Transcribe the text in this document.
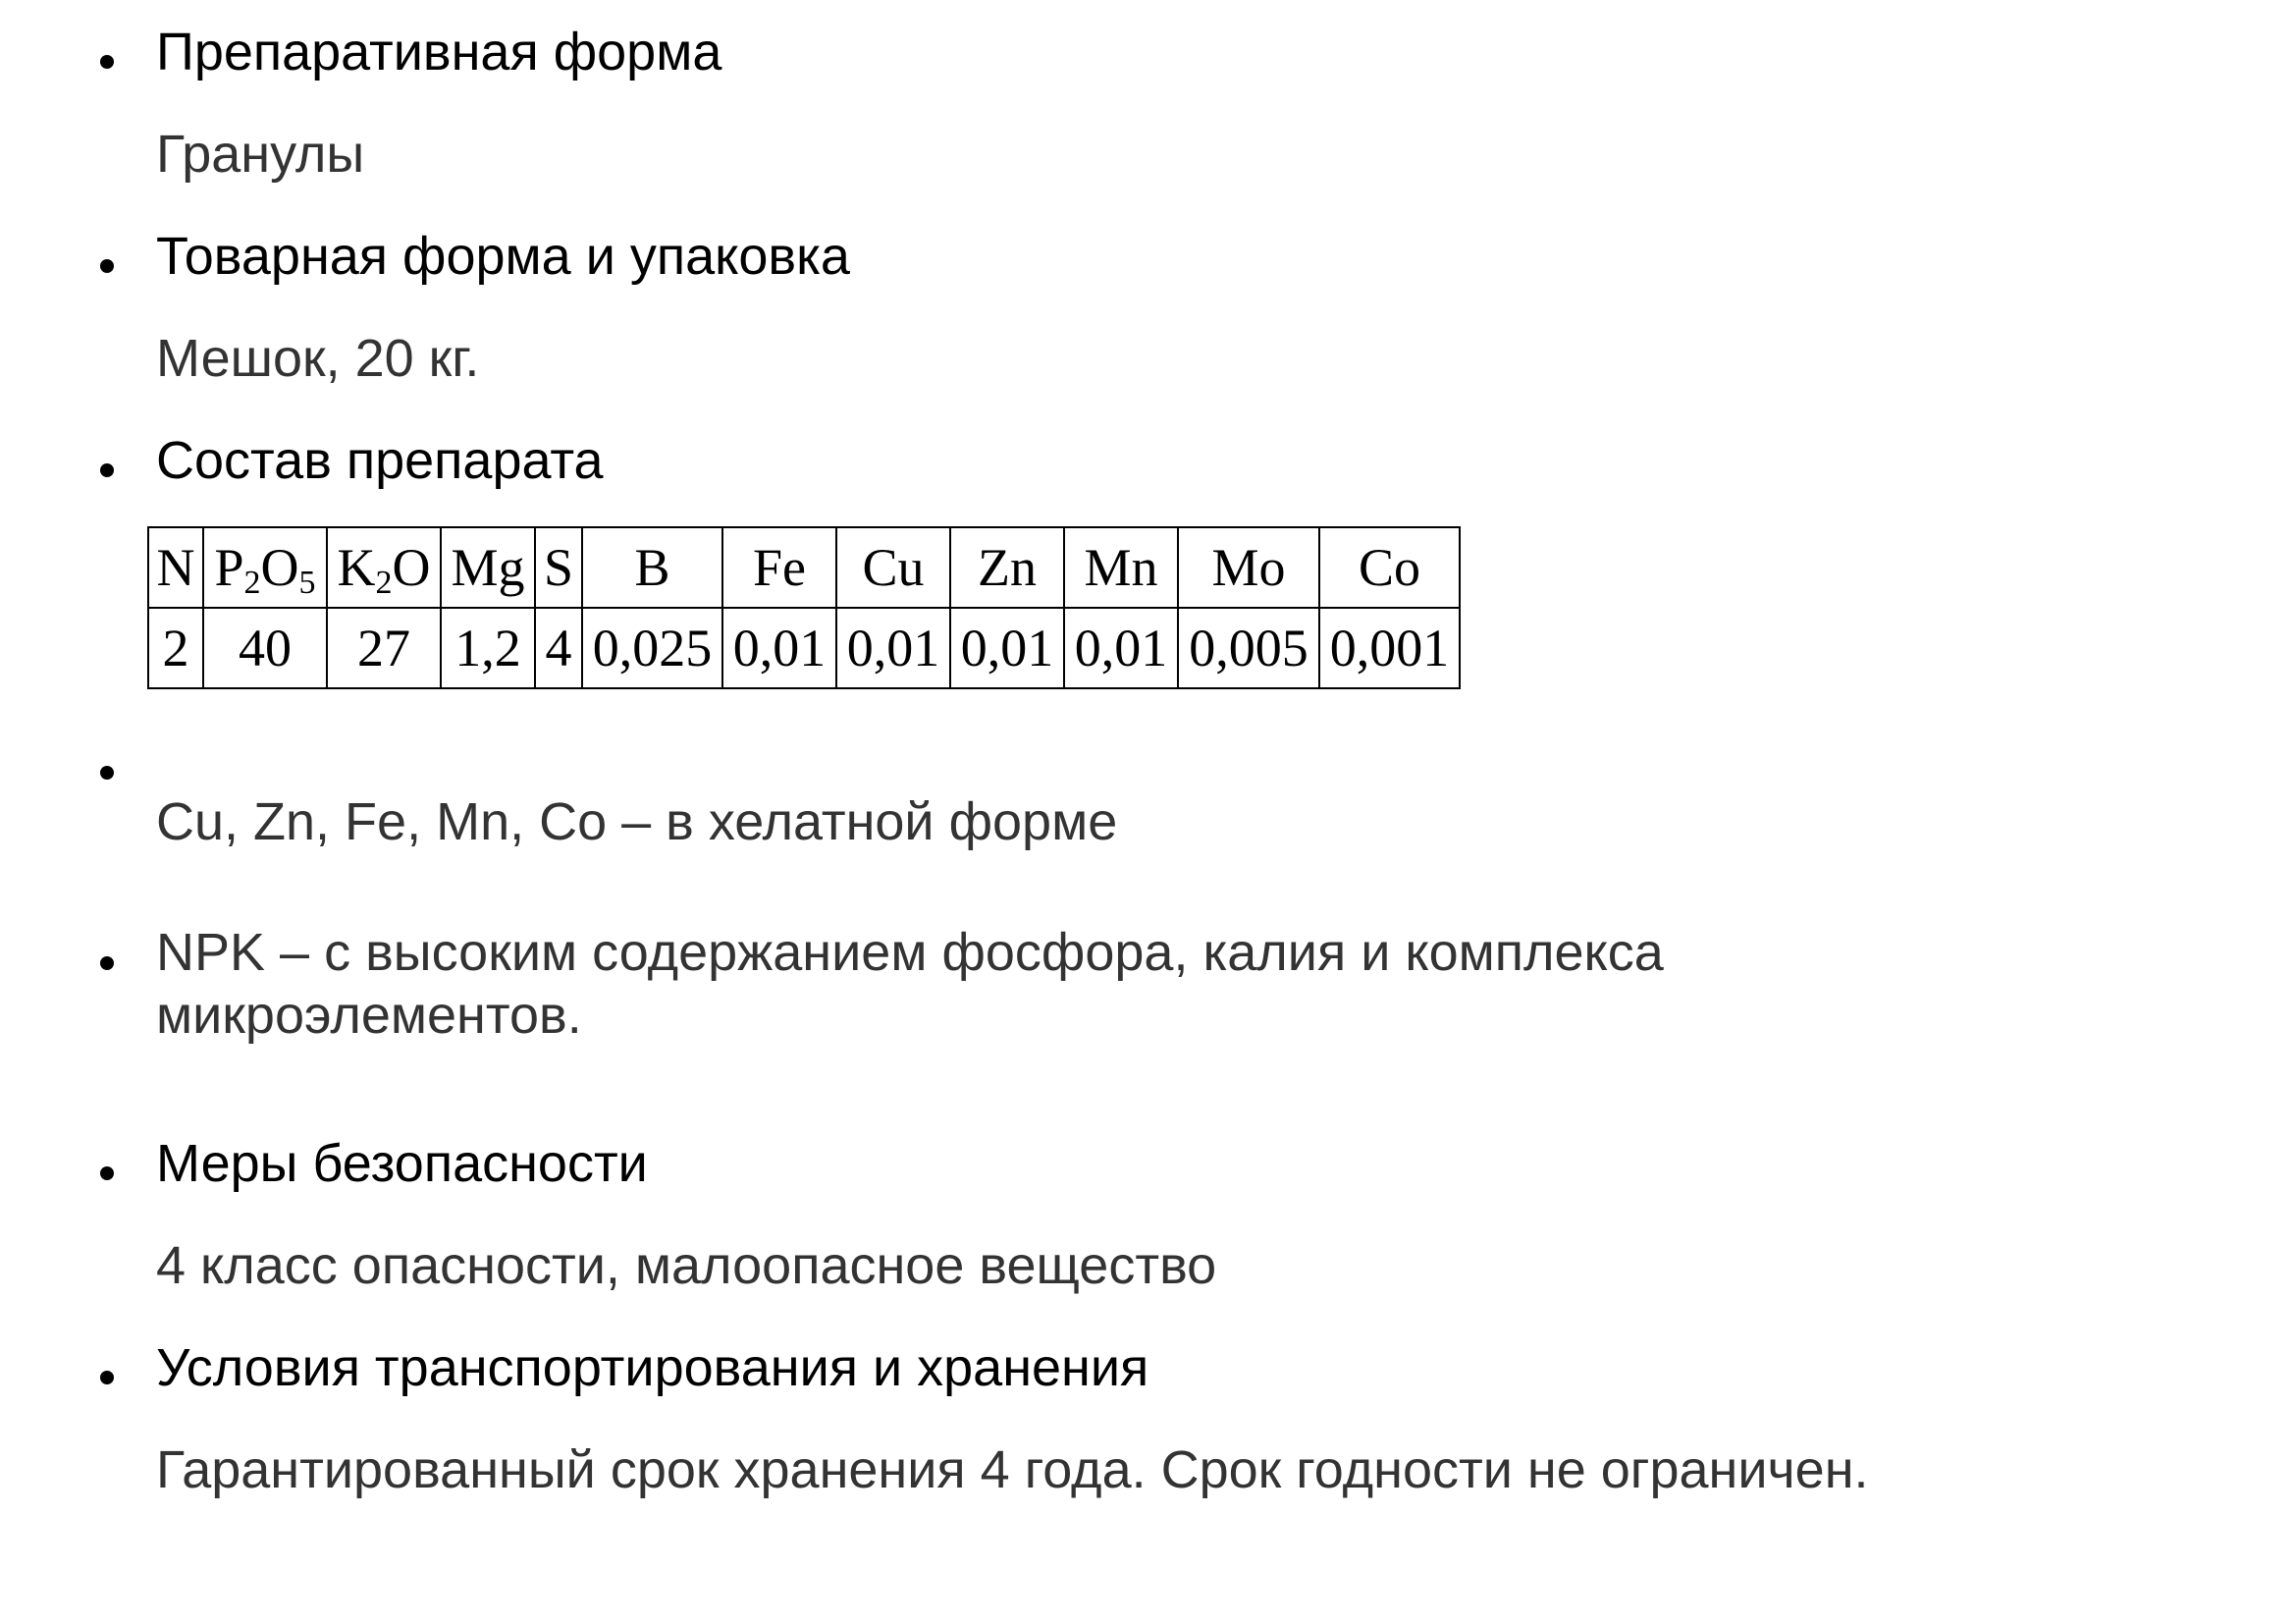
Препаративная форма
Гранулы
Товарная форма и упаковка
Мешок, 20 кг.
Состав препарата
N	$P_2O_5$	$K_2O$	Mg	S	B	Fe	Cu	Zn	Mn	Mo	Co
2	40	27	1,2	4	0,025	0,01	0,01	0,01	0,01	0,005	0,001
Cu, Zn, Fe, Mn, Co – в хелатной форме
NPK – с высоким содержанием фосфора, калия и комплекса микроэлементов.
Меры безопасности
4 класс опасности, малоопасное вещество
Условия транспортирования и хранения
Гарантированный срок хранения 4 года. Срок годности не ограничен.
